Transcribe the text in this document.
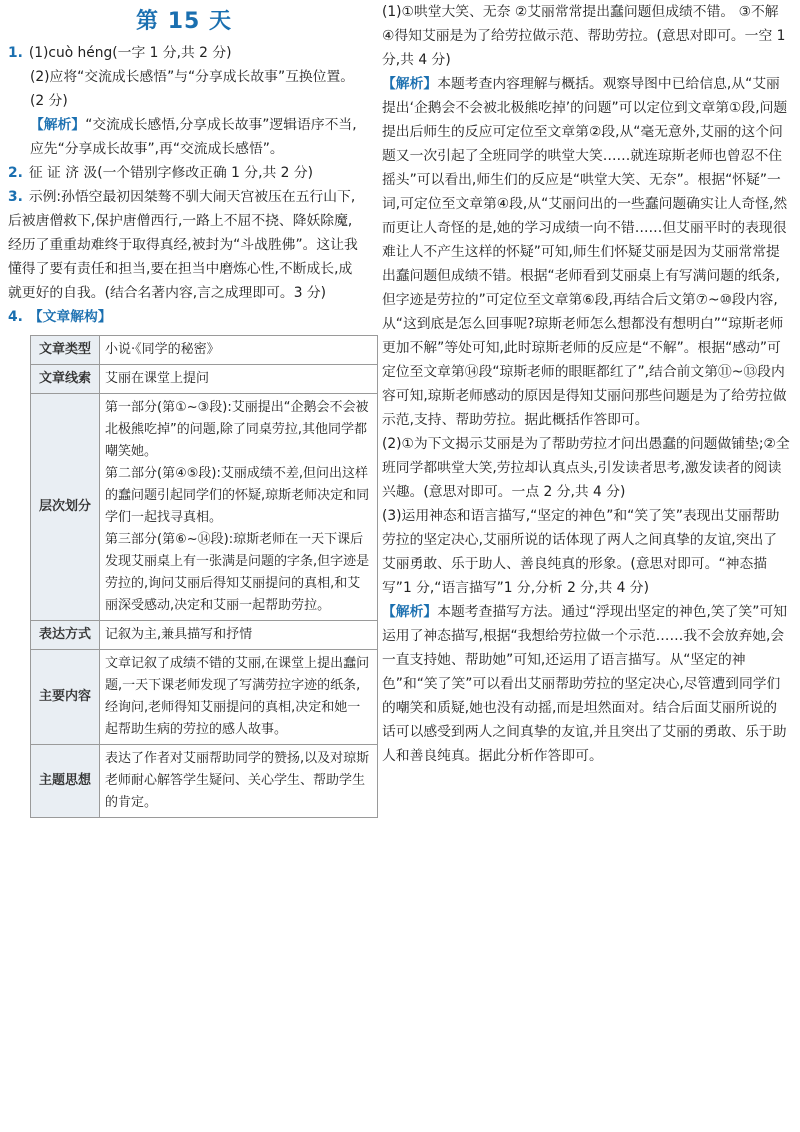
第 15 天

1. (1)cuò héng(一字 1 分,共 2 分)

(2)应将“交流成长感悟”与“分享成长故事”互换位置。(2 分)

【解析】“交流成长感悟,分享成长故事”逻辑语序不当,应先“分享成长故事”,再“交流成长感悟”。

2. 征 证 济 汲(一个错别字修改正确 1 分,共 2 分)

3. 示例:孙悟空最初因桀骜不驯大闹天宫被压在五行山下,后被唐僧救下,保护唐僧西行,一路上不屈不挠、降妖除魔,经历了重重劫难终于取得真经,被封为“斗战胜佛”。这让我懂得了要有责任和担当,要在担当中磨炼心性,不断成长,成就更好的自我。(结合名著内容,言之成理即可。3 分)

4. 【文章解构】

文章类型	小说·《同学的秘密》
文章线索	艾丽在课堂上提问
层次划分	第一部分(第①~③段):艾丽提出“企鹅会不会被北极熊吃掉”的问题,除了同桌劳拉,其他同学都嘲笑她。

第二部分(第④⑤段):艾丽成绩不差,但问出这样的蠢问题引起同学们的怀疑,琼斯老师决定和同学们一起找寻真相。

第三部分(第⑥~⑭段):琼斯老师在一天下课后发现艾丽桌上有一张满是问题的字条,但字迹是劳拉的,询问艾丽后得知艾丽提问的真相,和艾丽深受感动,决定和艾丽一起帮助劳拉。

表达方式	记叙为主,兼具描写和抒情
主要内容	文章记叙了成绩不错的艾丽,在课堂上提出蠢问题,一天下课老师发现了写满劳拉字迹的纸条,经询问,老师得知艾丽提问的真相,决定和她一起帮助生病的劳拉的感人故事。
主题思想	表达了作者对艾丽帮助同学的赞扬,以及对琼斯老师耐心解答学生疑问、关心学生、帮助学生的肯定。

(1)①哄堂大笑、无奈 ②艾丽常常提出蠢问题但成绩不错。 ③不解 ④得知艾丽是为了给劳拉做示范、帮助劳拉。(意思对即可。一空 1 分,共 4 分)

【解析】本题考查内容理解与概括。观察导图中已给信息,从“艾丽提出‘企鹅会不会被北极熊吃掉’的问题”可以定位到文章第①段,问题提出后师生的反应可定位至文章第②段,从“毫无意外,艾丽的这个问题又一次引起了全班同学的哄堂大笑……就连琼斯老师也曾忍不住摇头”可以看出,师生们的反应是“哄堂大笑、无奈”。根据“怀疑”一词,可定位至文章第④段,从“艾丽问出的一些蠢问题确实让人奇怪,然而更让人奇怪的是,她的学习成绩一向不错……但艾丽平时的表现很难让人不产生这样的怀疑”可知,师生们怀疑艾丽是因为艾丽常常提出蠢问题但成绩不错。根据“老师看到艾丽桌上有写满问题的纸条,但字迹是劳拉的”可定位至文章第⑥段,再结合后文第⑦~⑩段内容,从“这到底是怎么回事呢?琼斯老师怎么想都没有想明白”“琼斯老师更加不解”等处可知,此时琼斯老师的反应是“不解”。根据“感动”可定位至文章第⑭段“琼斯老师的眼眶都红了”,结合前文第⑪~⑬段内容可知,琼斯老师感动的原因是得知艾丽问那些问题是为了给劳拉做示范,支持、帮助劳拉。据此概括作答即可。

(2)①为下文揭示艾丽是为了帮助劳拉才问出愚蠢的问题做铺垫;②全班同学都哄堂大笑,劳拉却认真点头,引发读者思考,激发读者的阅读兴趣。(意思对即可。一点 2 分,共 4 分)

(3)运用神态和语言描写,“坚定的神色”和“笑了笑”表现出艾丽帮助劳拉的坚定决心,艾丽所说的话体现了两人之间真挚的友谊,突出了艾丽勇敢、乐于助人、善良纯真的形象。(意思对即可。“神态描写”1 分,“语言描写”1 分,分析 2 分,共 4 分)

【解析】本题考查描写方法。通过“浮现出坚定的神色,笑了笑”可知运用了神态描写,根据“我想给劳拉做一个示范……我不会放弃她,会一直支持她、帮助她”可知,还运用了语言描写。从“坚定的神色”和“笑了笑”可以看出艾丽帮助劳拉的坚定决心,尽管遭到同学们的嘲笑和质疑,她也没有动摇,而是坦然面对。结合后面艾丽所说的话可以感受到两人之间真挚的友谊,并且突出了艾丽的勇敢、乐于助人和善良纯真。据此分析作答即可。
